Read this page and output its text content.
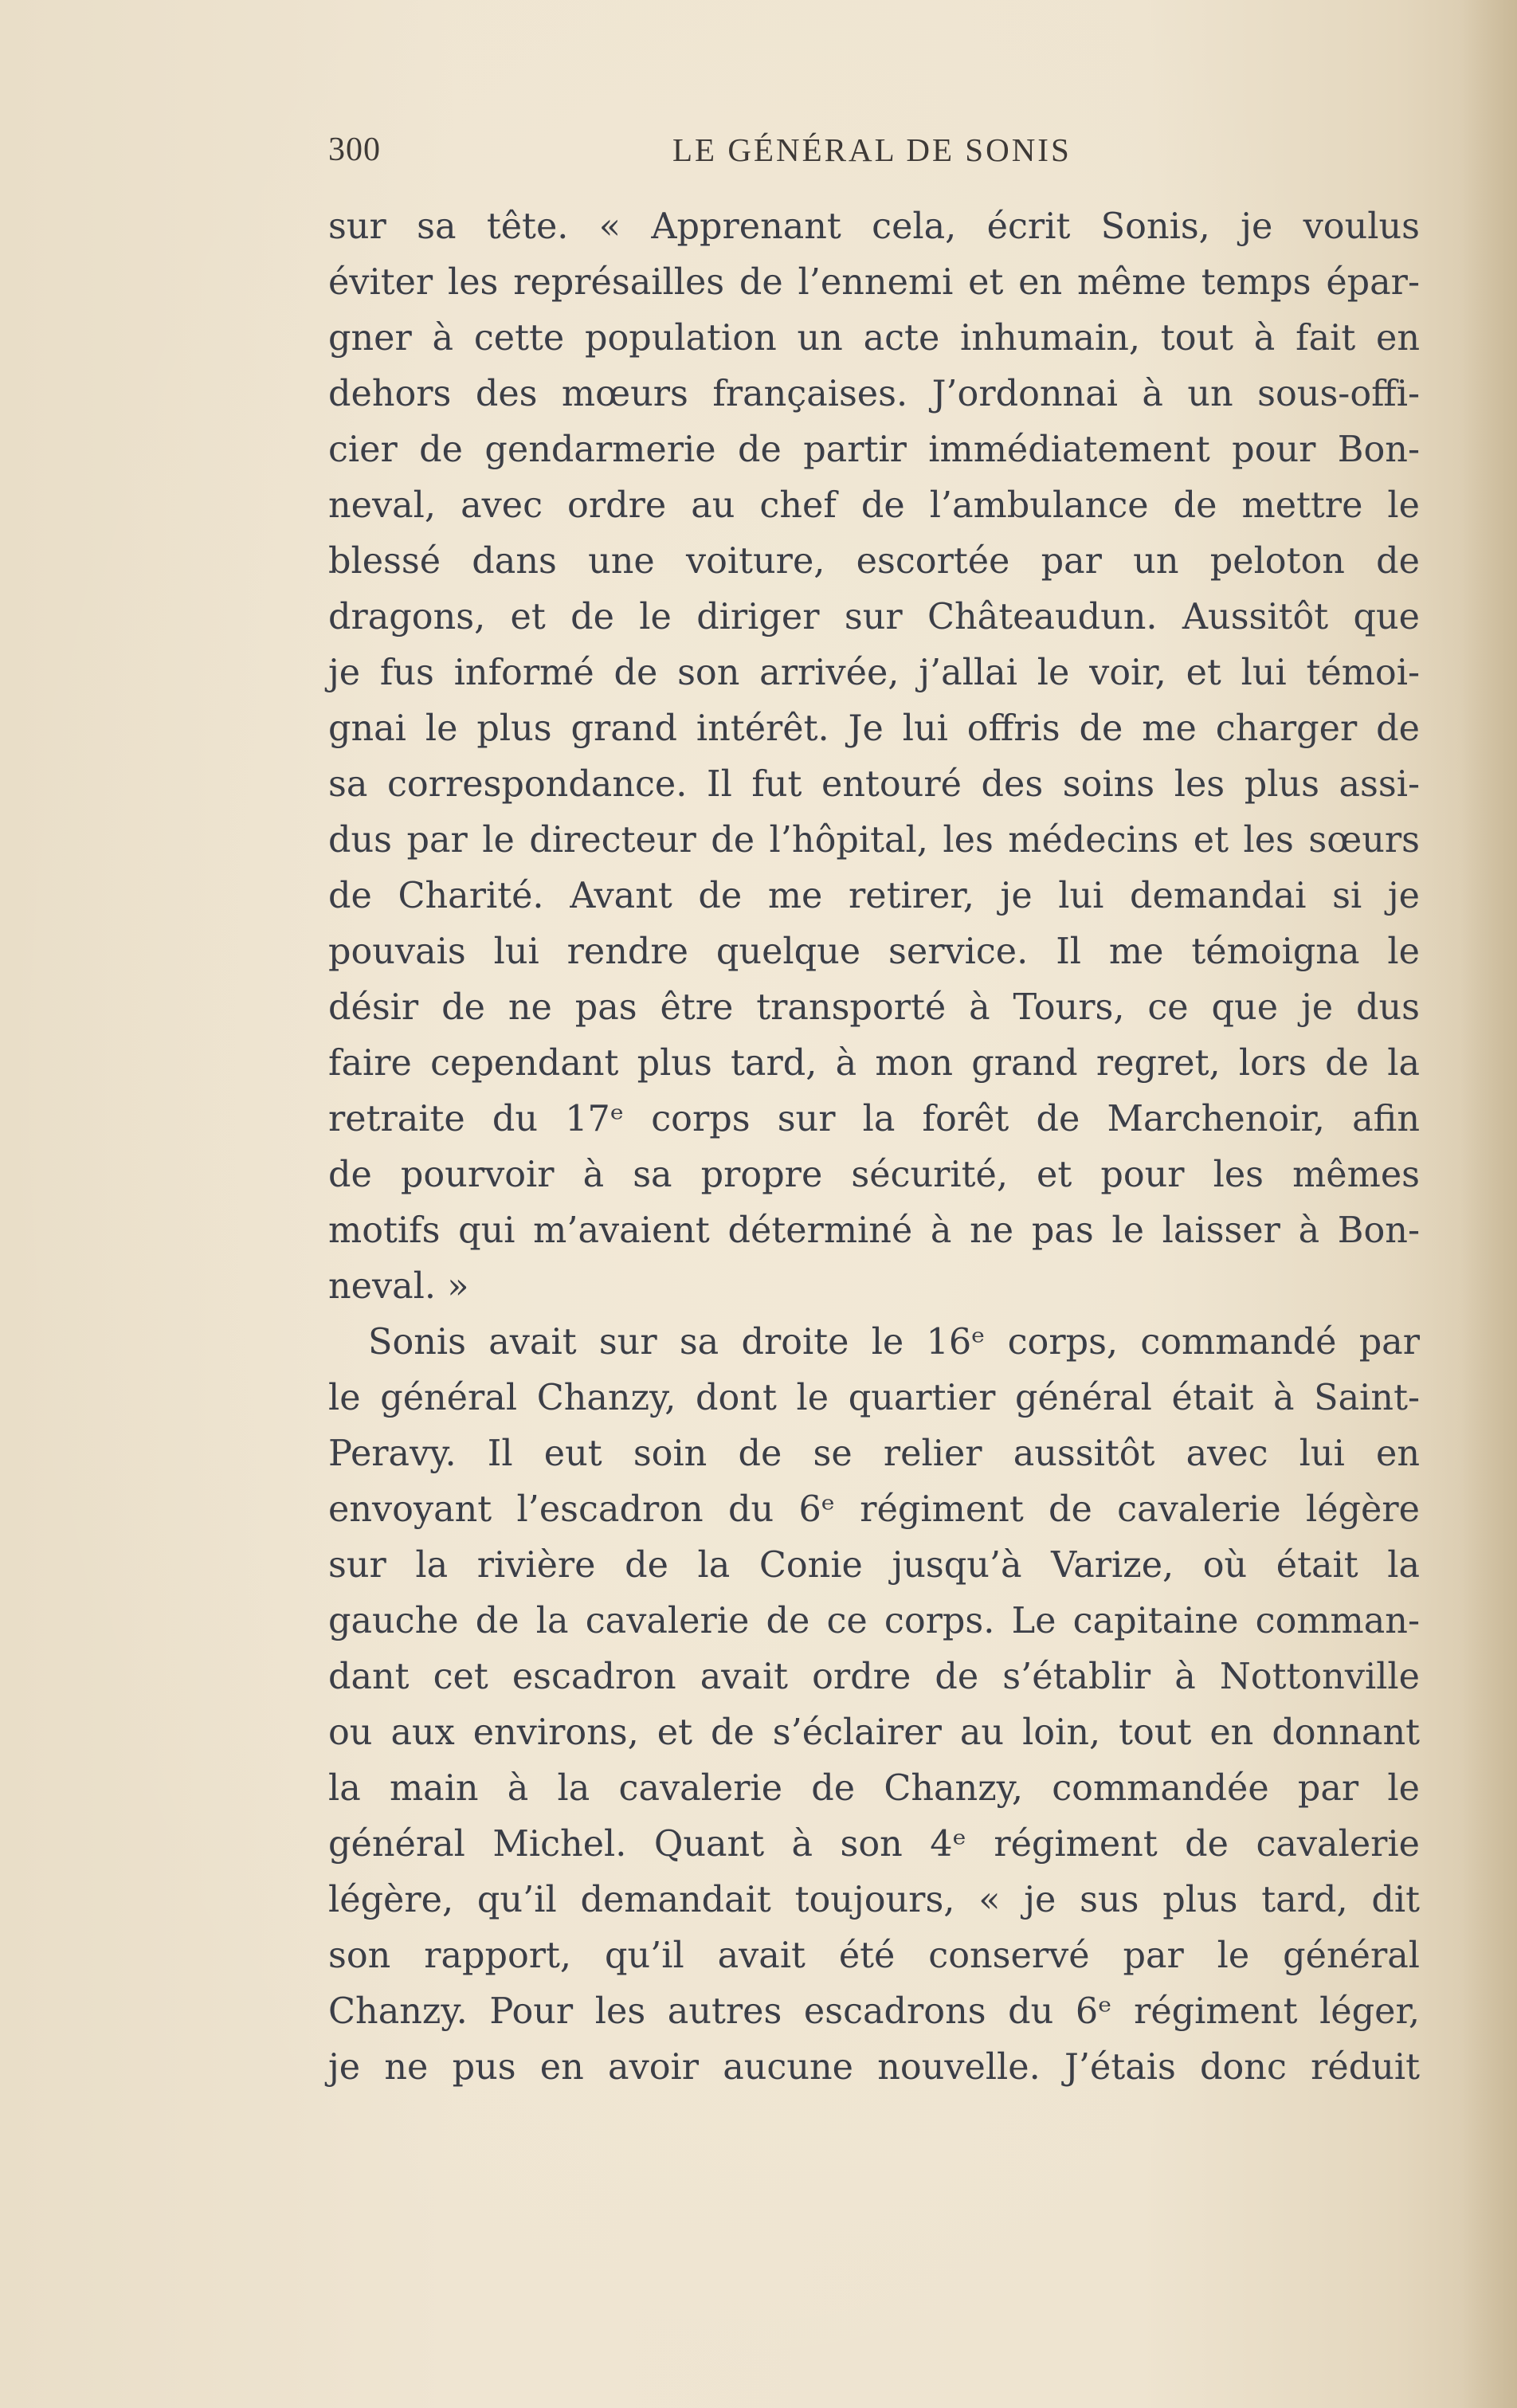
300	LE GÉNÉRAL DE SONIS
sur sa tête. « Apprenant cela, écrit Sonis, je voulus
éviter les représailles de l’ennemi et en même temps épar-
gner à cette population un acte inhumain, tout à fait en
dehors des mœurs françaises. J’ordonnai à un sous-offi-
cier de gendarmerie de partir immédiatement pour Bon-
neval, avec ordre au chef de l’ambulance de mettre le
blessé dans une voiture, escortée par un peloton de
dragons, et de le diriger sur Châteaudun. Aussitôt que
je fus informé de son arrivée, j’allai le voir, et lui témoi-
gnai le plus grand intérêt. Je lui offris de me charger de
sa correspondance. Il fut entouré des soins les plus assi-
dus par le directeur de l’hôpital, les médecins et les sœurs
de Charité. Avant de me retirer, je lui demandai si je
pouvais lui rendre quelque service. Il me témoigna le
désir de ne pas être transporté à Tours, ce que je dus
faire cependant plus tard, à mon grand regret, lors de la
retraite du 17ᵉ corps sur la forêt de Marchenoir, afin
de pourvoir à sa propre sécurité, et pour les mêmes
motifs qui m’avaient déterminé à ne pas le laisser à Bon-
neval. »
Sonis avait sur sa droite le 16ᵉ corps, commandé par
le général Chanzy, dont le quartier général était à Saint-
Peravy. Il eut soin de se relier aussitôt avec lui en
envoyant l’escadron du 6ᵉ régiment de cavalerie légère
sur la rivière de la Conie jusqu’à Varize, où était la
gauche de la cavalerie de ce corps. Le capitaine comman-
dant cet escadron avait ordre de s’établir à Nottonville
ou aux environs, et de s’éclairer au loin, tout en donnant
la main à la cavalerie de Chanzy, commandée par le
général Michel. Quant à son 4ᵉ régiment de cavalerie
légère, qu’il demandait toujours, « je sus plus tard, dit
son rapport, qu’il avait été conservé par le général
Chanzy. Pour les autres escadrons du 6ᵉ régiment léger,
je ne pus en avoir aucune nouvelle. J’étais donc réduit
